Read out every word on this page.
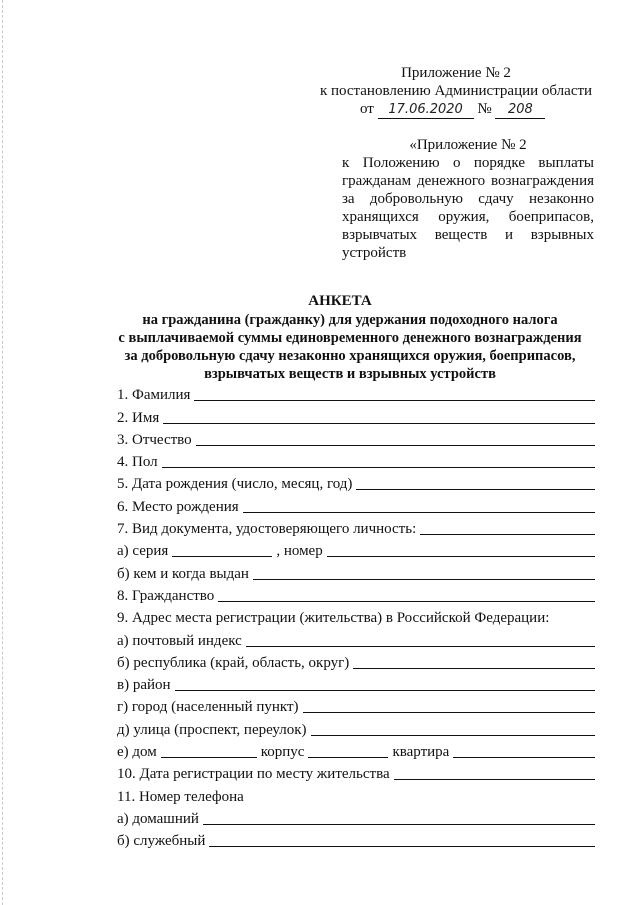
Приложение № 2
к постановлению Администрации области
от 17.06.2020 № 208
«Приложение № 2
к Положению о порядке выплаты гражданам денежного вознаграждения за добровольную сдачу незаконно хранящихся оружия, боеприпасов, взрывчатых веществ и взрывных устройств
АНКЕТА
на гражданина (гражданку) для удержания подоходного налога
с выплачиваемой суммы единовременного денежного вознаграждения
за добровольную сдачу незаконно хранящихся оружия, боеприпасов,
взрывчатых веществ и взрывных устройств
1. Фамилия
2. Имя
3. Отчество
4. Пол
5. Дата рождения (число, месяц, год)
6. Место рождения
7. Вид документа, удостоверяющего личность:
а) серия	, номер
б) кем и когда выдан
8. Гражданство
9. Адрес места регистрации (жительства) в Российской Федерации:
а) почтовый индекс
б) республика (край, область, округ)
в) район
г) город (населенный пункт)
д) улица (проспект, переулок)
е) дом	корпус	квартира
10. Дата регистрации по месту жительства
11. Номер телефона
а) домашний
б) служебный
